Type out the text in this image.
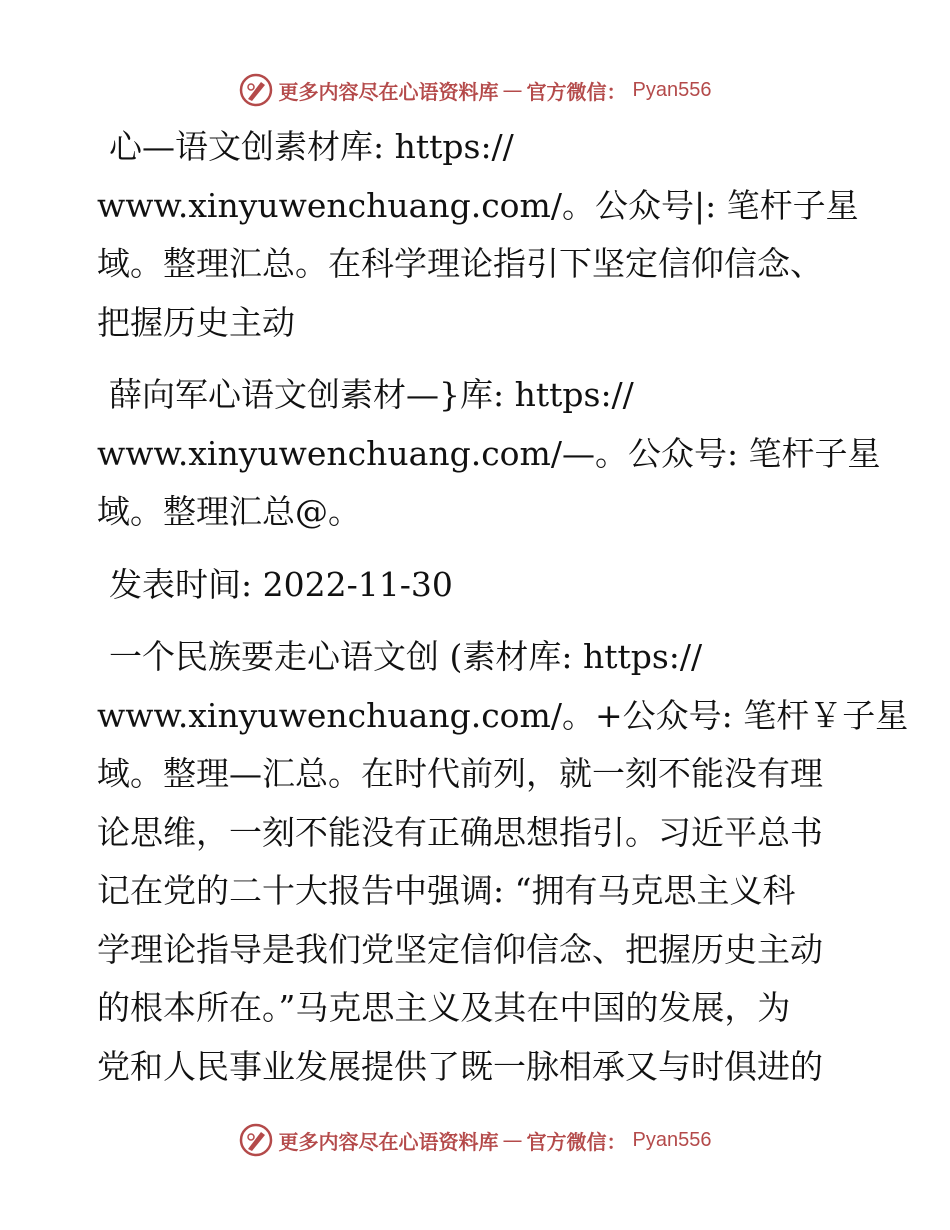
更多内容尽在心语资料库 — 官方微信： Pyan556
心—语文创素材库: https://
www.xinyuwenchuang.com/。公众号|: 笔杆子星
域。整理汇总。在科学理论指引下坚定信仰信念、
把握历史主动
薛向军心语文创素材—}库: https://
www.xinyuwenchuang.com/—。公众号: 笔杆子星
域。整理汇总@。
发表时间: 2022-11-30
一个民族要走心语文创 (素材库: https://
www.xinyuwenchuang.com/。+公众号: 笔杆￥子星
域。整理—汇总。在时代前列，就一刻不能没有理
论思维，一刻不能没有正确思想指引。习近平总书
记在党的二十大报告中强调: “拥有马克思主义科
学理论指导是我们党坚定信仰信念、把握历史主动
的根本所在。”马克思主义及其在中国的发展，为
党和人民事业发展提供了既一脉相承又与时俱进的
更多内容尽在心语资料库 — 官方微信： Pyan556
